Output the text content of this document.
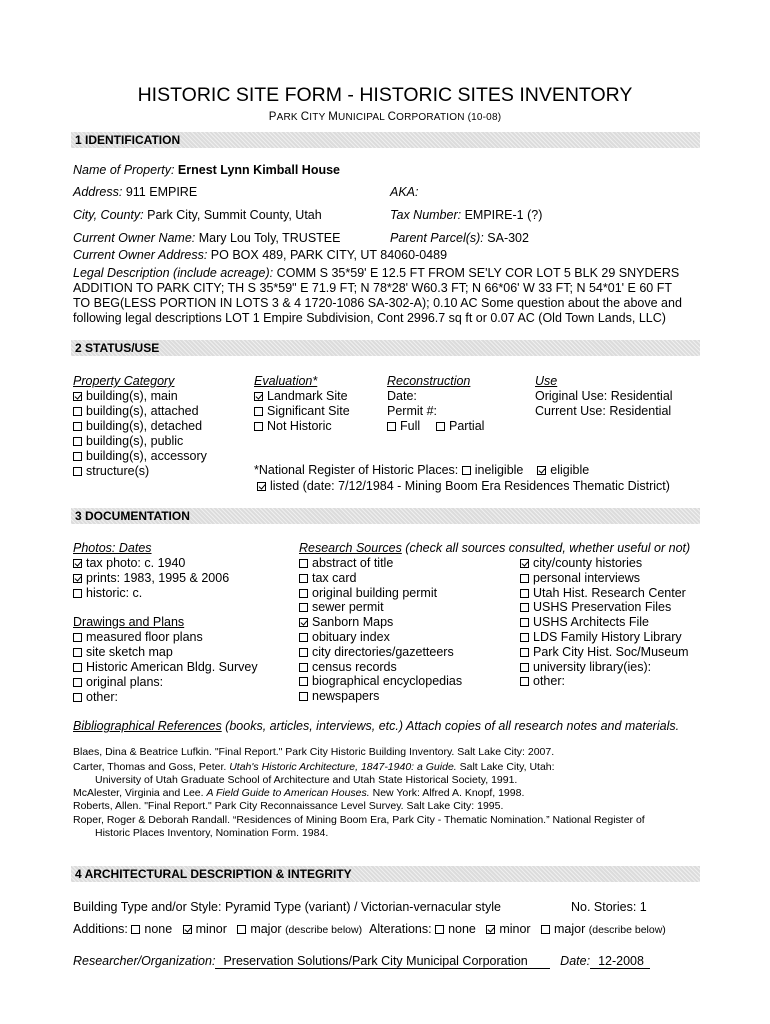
HISTORIC SITE FORM - HISTORIC SITES INVENTORY
PARK CITY MUNICIPAL CORPORATION (10-08)
1 IDENTIFICATION
Name of Property: Ernest Lynn Kimball House
Address: 911 EMPIRE	AKA:
City, County: Park City, Summit County, Utah	Tax Number: EMPIRE-1 (?)
Current Owner Name: Mary Lou Toly, TRUSTEE	Parent Parcel(s): SA-302
Current Owner Address: PO BOX 489, PARK CITY, UT 84060-0489
Legal Description (include acreage): COMM S 35*59' E 12.5 FT FROM SE'LY COR LOT 5 BLK 29 SNYDERS
ADDITION TO PARK CITY; TH S 35*59" E 71.9 FT; N 78*28' W60.3 FT; N 66*06' W 33 FT; N 54*01' E 60 FT
TO BEG(LESS PORTION IN LOTS 3 & 4 1720-1086 SA-302-A); 0.10 AC Some question about the above and
following legal descriptions LOT 1 Empire Subdivision, Cont 2996.7 sq ft or 0.07 AC (Old Town Lands, LLC)
2 STATUS/USE
Property Category
building(s), main
building(s), attached
building(s), detached
building(s), public
building(s), accessory
structure(s)
Evaluation*
Landmark Site
Significant Site
Not Historic
Reconstruction
Date:
Permit #:
Full	Partial
Use
Original Use: Residential
Current Use: Residential
*National Register of Historic Places: ineligible eligible
listed (date: 7/12/1984 - Mining Boom Era Residences Thematic District)
3 DOCUMENTATION
Photos: Dates
tax photo: c. 1940
prints: 1983, 1995 & 2006
historic: c.
Drawings and Plans
measured floor plans
site sketch map
Historic American Bldg. Survey
original plans:
other:
Research Sources (check all sources consulted, whether useful or not)
abstract of title
tax card
original building permit
sewer permit
Sanborn Maps
obituary index
city directories/gazetteers
census records
biographical encyclopedias
newspapers
city/county histories
personal interviews
Utah Hist. Research Center
USHS Preservation Files
USHS Architects File
LDS Family History Library
Park City Hist. Soc/Museum
university library(ies):
other:
Bibliographical References (books, articles, interviews, etc.) Attach copies of all research notes and materials.
Blaes, Dina & Beatrice Lufkin. "Final Report." Park City Historic Building Inventory. Salt Lake City: 2007.
Carter, Thomas and Goss, Peter. Utah's Historic Architecture, 1847-1940: a Guide. Salt Lake City, Utah:
University of Utah Graduate School of Architecture and Utah State Historical Society, 1991.
McAlester, Virginia and Lee. A Field Guide to American Houses. New York: Alfred A. Knopf, 1998.
Roberts, Allen. "Final Report." Park City Reconnaissance Level Survey. Salt Lake City: 1995.
Roper, Roger & Deborah Randall. “Residences of Mining Boom Era, Park City - Thematic Nomination.” National Register of
Historic Places Inventory, Nomination Form. 1984.
4 ARCHITECTURAL DESCRIPTION & INTEGRITY
Building Type and/or Style: Pyramid Type (variant) / Victorian-vernacular style	No. Stories: 1
Additions: none minor major (describe below) Alterations: none minor major (describe below)
Researcher/Organization: Preservation Solutions/Park City Municipal Corporation	Date: 12-2008
